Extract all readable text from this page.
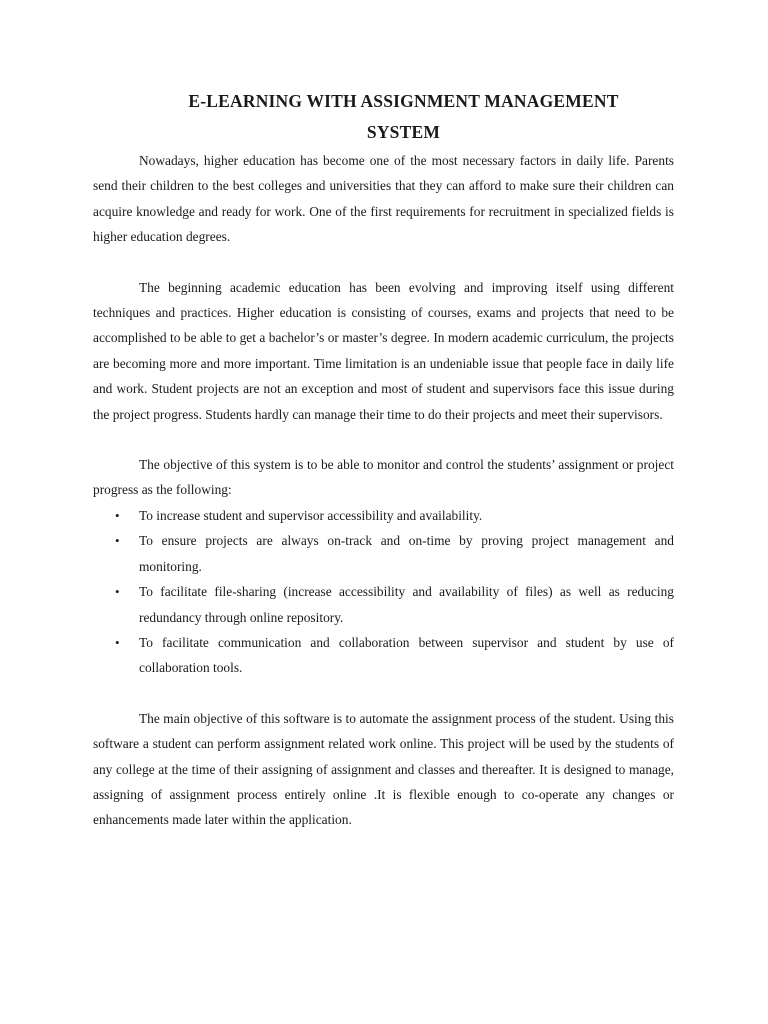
E-LEARNING WITH ASSIGNMENT MANAGEMENT
SYSTEM

Nowadays, higher education has become one of the most necessary factors in daily life. Parents send their children to the best colleges and universities that they can afford to make sure their children can acquire knowledge and ready for work. One of the first requirements for recruitment in specialized fields is higher education degrees.

The beginning academic education has been evolving and improving itself using different techniques and practices. Higher education is consisting of courses, exams and projects that need to be accomplished to be able to get a bachelor’s or master’s degree. In modern academic curriculum, the projects are becoming more and more important. Time limitation is an undeniable issue that people face in daily life and work. Student projects are not an exception and most of student and supervisors face this issue during the project progress. Students hardly can manage their time to do their projects and meet their supervisors.

The objective of this system is to be able to monitor and control the students’ assignment or project progress as the following:

• To increase student and supervisor accessibility and availability.
• To ensure projects are always on-track and on-time by proving project management and monitoring.
• To facilitate file-sharing (increase accessibility and availability of files) as well as reducing redundancy through online repository.
• To facilitate communication and collaboration between supervisor and student by use of collaboration tools.

The main objective of this software is to automate the assignment process of the student. Using this software a student can perform assignment related work online. This project will be used by the students of any college at the time of their assigning of assignment and classes and thereafter. It is designed to manage, assigning of assignment process entirely online .It is flexible enough to co-operate any changes or enhancements made later within the application.
